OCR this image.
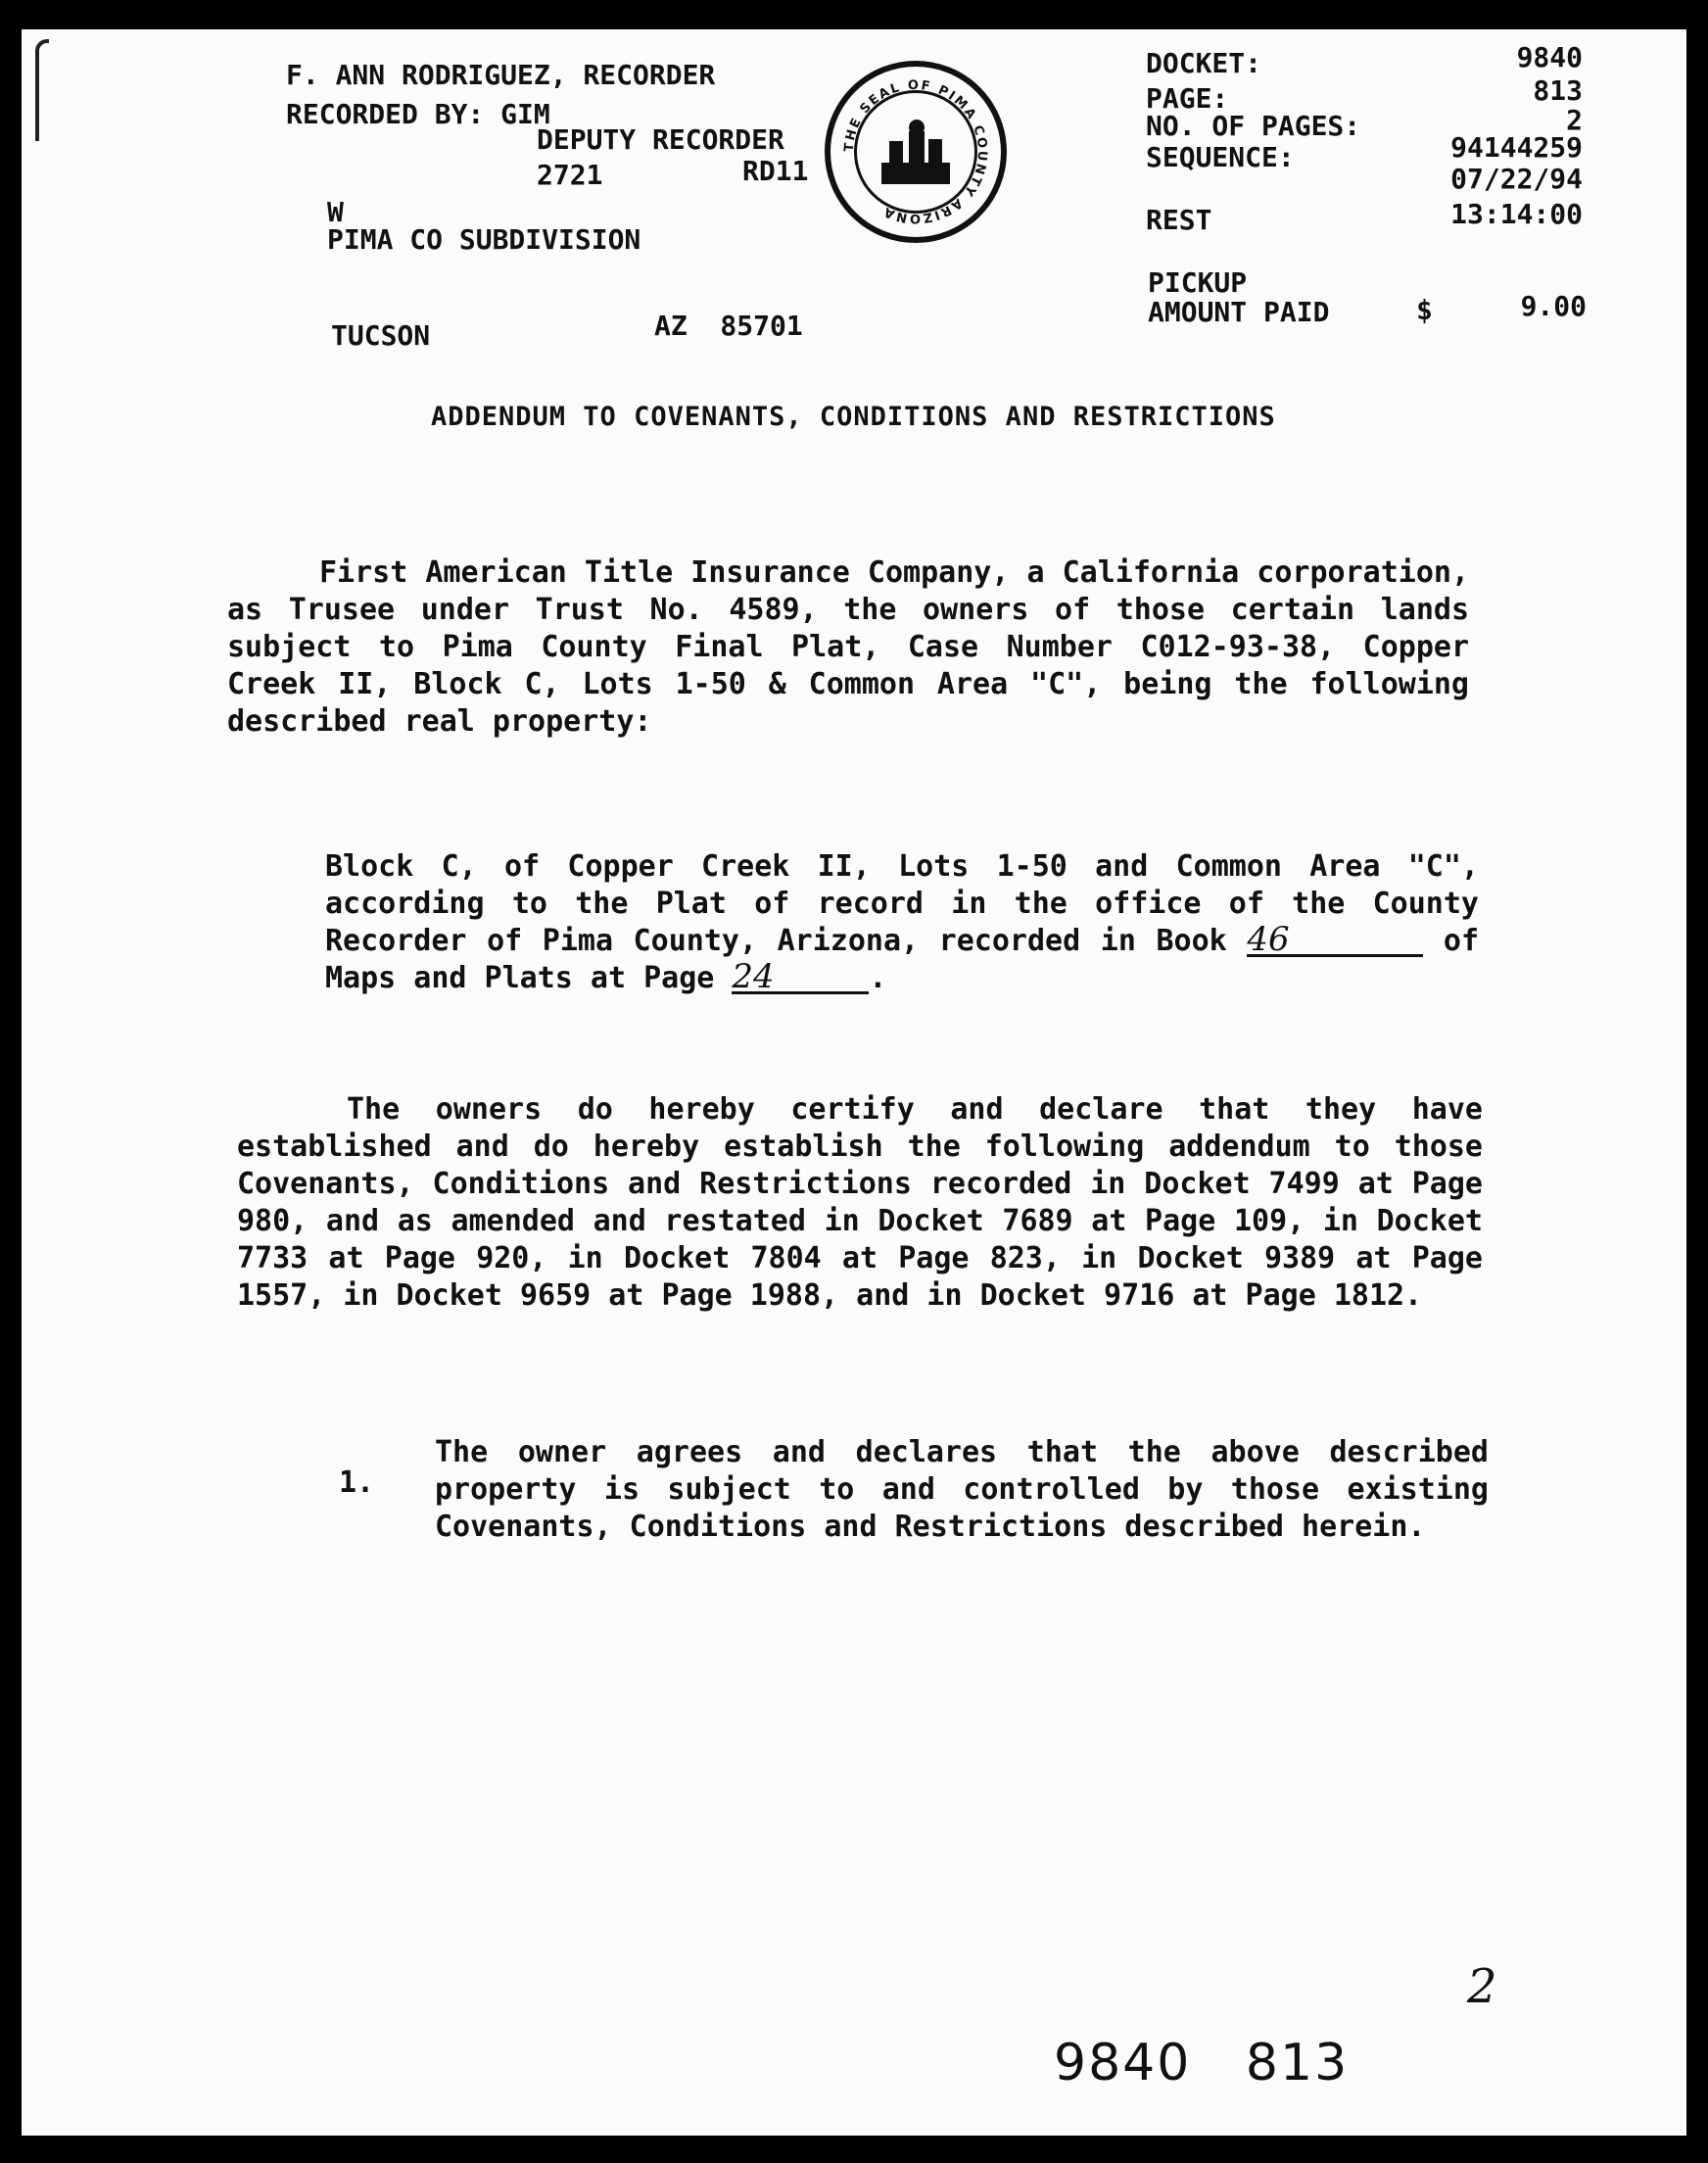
F. ANN RODRIGUEZ, RECORDER
RECORDED BY: GIM
DEPUTY RECORDER
2721	RD11
THE SEAL OF PIMA COUNTY ARIZONA
W
PIMA CO SUBDIVISION
TUCSON	AZ  85701
DOCKET:	9840
PAGE:	813
NO. OF PAGES:	2
SEQUENCE:	94144259
07/22/94
REST	13:14:00
PICKUP
AMOUNT PAID	$	9.00
ADDENDUM TO COVENANTS, CONDITIONS AND RESTRICTIONS

First American Title Insurance Company, a California corporation, as Trusee under Trust No. 4589, the owners of those certain lands subject to Pima County Final Plat, Case Number C012-93-38, Copper Creek II, Block C, Lots 1-50 & Common Area "C", being the following described real property:

Block C, of Copper Creek II, Lots 1-50 and Common Area "C", according to the Plat of record in the office of the County Recorder of Pima County, Arizona, recorded in Book 46	of Maps and Plats at Page 24	.

The owners do hereby certify and declare that they have established and do hereby establish the following addendum to those Covenants, Conditions and Restrictions recorded in Docket 7499 at Page 980, and as amended and restated in Docket 7689 at Page 109, in Docket 7733 at Page 920, in Docket 7804 at Page 823, in Docket 9389 at Page 1557, in Docket 9659 at Page 1988, and in Docket 9716 at Page 1812.

1.

The owner agrees and declares that the above described property is subject to and controlled by those existing Covenants, Conditions and Restrictions described herein.

9840   813
2
